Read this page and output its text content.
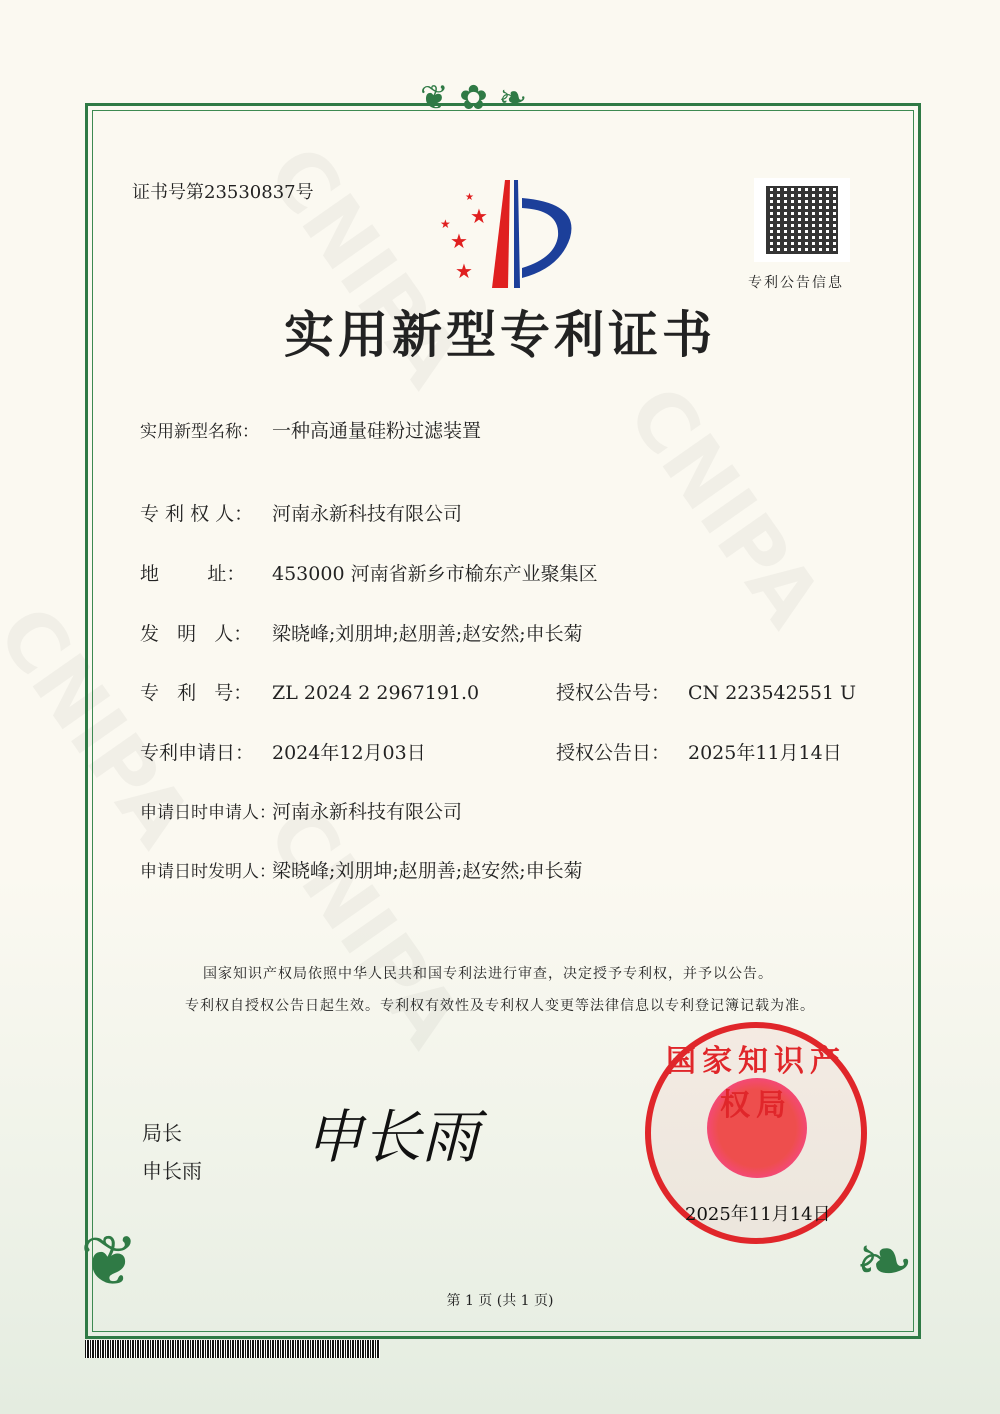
❦ ✿ ❧
❦	❧
证书号第23530837号
★
★
★
★
★
专利公告信息
实用新型专利证书
实用新型名称： 一种高通量硅粉过滤装置
专 利 权 人： 河南永新科技有限公司
地        址： 453000 河南省新乡市榆东产业聚集区
发   明   人： 梁晓峰;刘朋坤;赵朋善;赵安然;申长菊
专   利   号： ZL 2024 2 2967191.0
专利申请日： 2024年12月03日
授权公告号： CN 223542551 U
授权公告日： 2025年11月14日
申请日时申请人：河南永新科技有限公司
申请日时发明人：梁晓峰;刘朋坤;赵朋善;赵安然;申长菊
国家知识产权局依照中华人民共和国专利法进行审查，决定授予专利权，并予以公告。
专利权自授权公告日起生效。专利权有效性及专利权人变更等法律信息以专利登记簿记载为准。
局长
申长雨 申长雨
国家知识产权局
2025年11月14日
第 1 页 (共 1 页)
